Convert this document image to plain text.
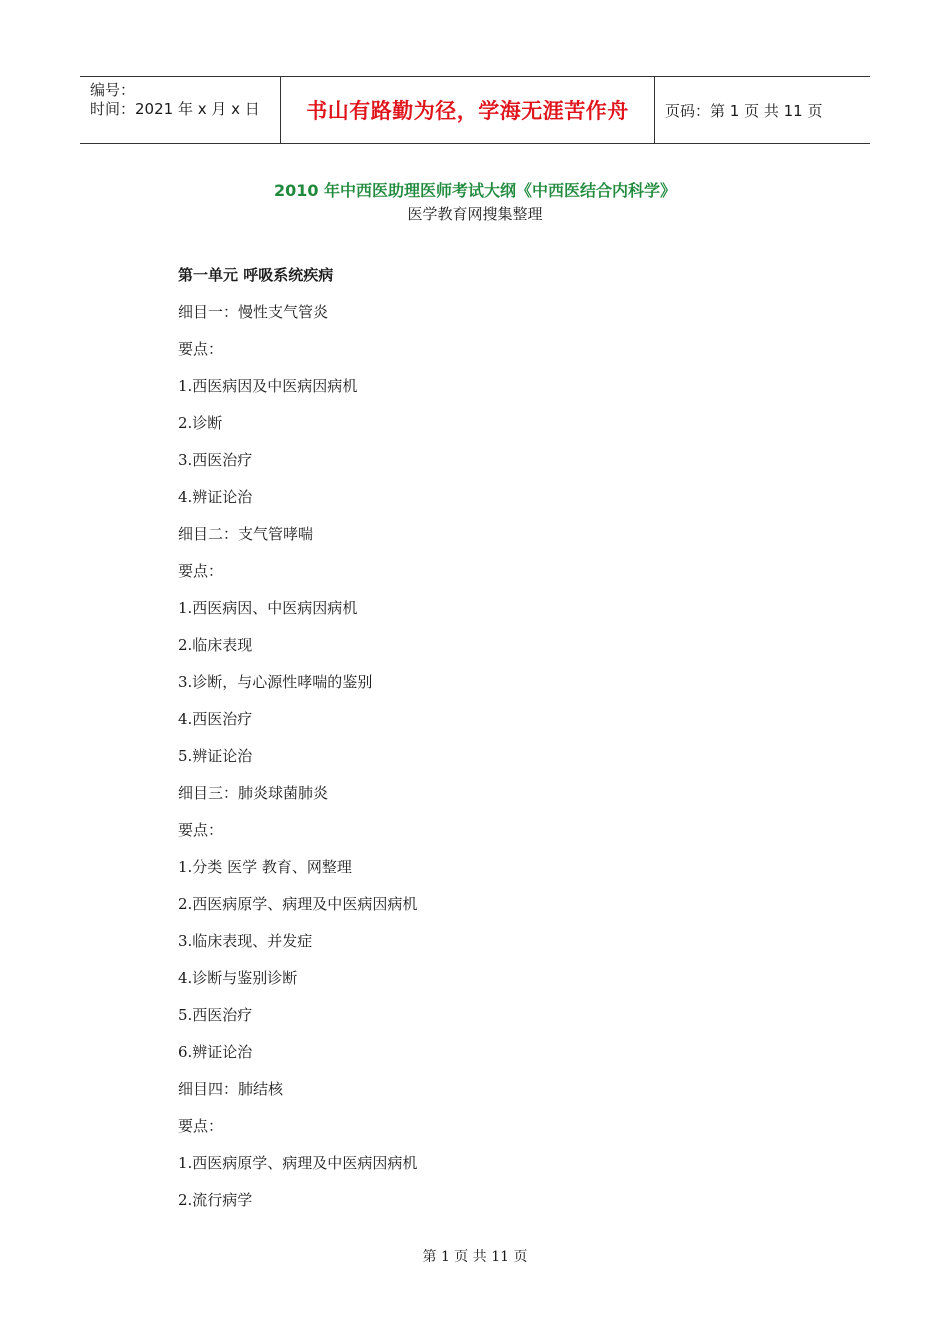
编号：
时间：2021 年 x 月 x 日	书山有路勤为径，学海无涯苦作舟	页码：第 1 页 共 11 页
2010 年中西医助理医师考试大纲《中西医结合内科学》
医学教育网搜集整理
第一单元 呼吸系统疾病
细目一：慢性支气管炎
要点：
1.西医病因及中医病因病机
2.诊断
3.西医治疗
4.辨证论治
细目二：支气管哮喘
要点：
1.西医病因、中医病因病机
2.临床表现
3.诊断，与心源性哮喘的鉴别
4.西医治疗
5.辨证论治
细目三：肺炎球菌肺炎
要点：
1.分类 医学 教育、网整理
2.西医病原学、病理及中医病因病机
3.临床表现、并发症
4.诊断与鉴别诊断
5.西医治疗
6.辨证论治
细目四：肺结核
要点：
1.西医病原学、病理及中医病因病机
2.流行病学
第 1 页 共 11 页
